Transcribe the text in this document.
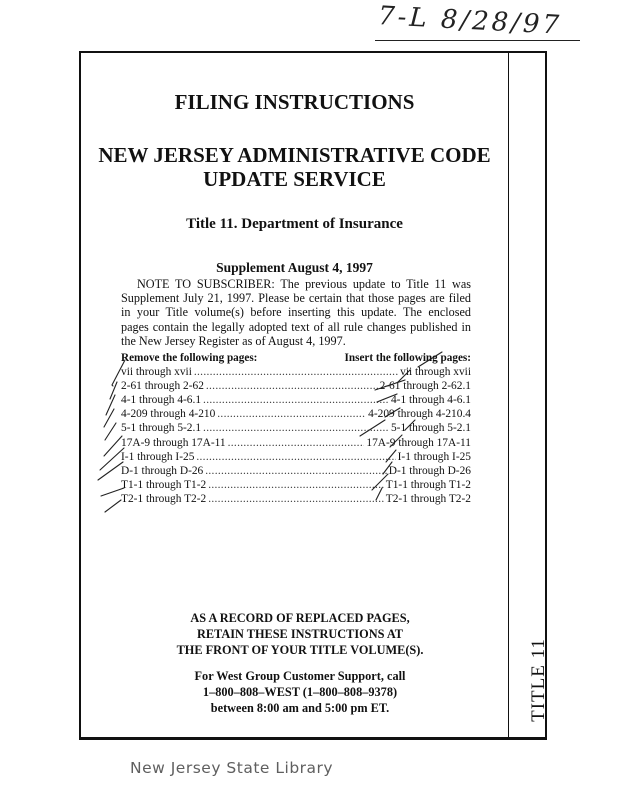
7-L 8/28/97
TITLE 11
FILING INSTRUCTIONS
NEW JERSEY ADMINISTRATIVE CODE
UPDATE SERVICE
Title 11. Department of Insurance
Supplement August 4, 1997
NOTE TO SUBSCRIBER: The previous update to Title 11 was Supplement July 21, 1997. Please be certain that those pages are filed in your Title volume(s) before inserting this update. The enclosed pages contain the legally adopted text of all rule changes published in the New Jersey Register as of August 4, 1997.
Remove the following pages:	Insert the following pages:
vii through xvii .....	vii through xvii
2-61 through 2-62 .....	2-61 through 2-62.1
4-1 through 4-6.1 .....	4-1 through 4-6.1
4-209 through 4-210 .....	4-209 through 4-210.4
5-1 through 5-2.1 .....	5-1 through 5-2.1
17A-9 through 17A-11 .....	17A-9 through 17A-11
I-1 through I-25 .....	I-1 through I-25
D-1 through D-26 .....	D-1 through D-26
T1-1 through T1-2 .....	T1-1 through T1-2
T2-1 through T2-2 .....	T2-1 through T2-2
AS A RECORD OF REPLACED PAGES,
RETAIN THESE INSTRUCTIONS AT
THE FRONT OF YOUR TITLE VOLUME(S).
For West Group Customer Support, call
1–800–808–WEST (1–800–808–9378)
between 8:00 am and 5:00 pm ET.
New Jersey State Library
